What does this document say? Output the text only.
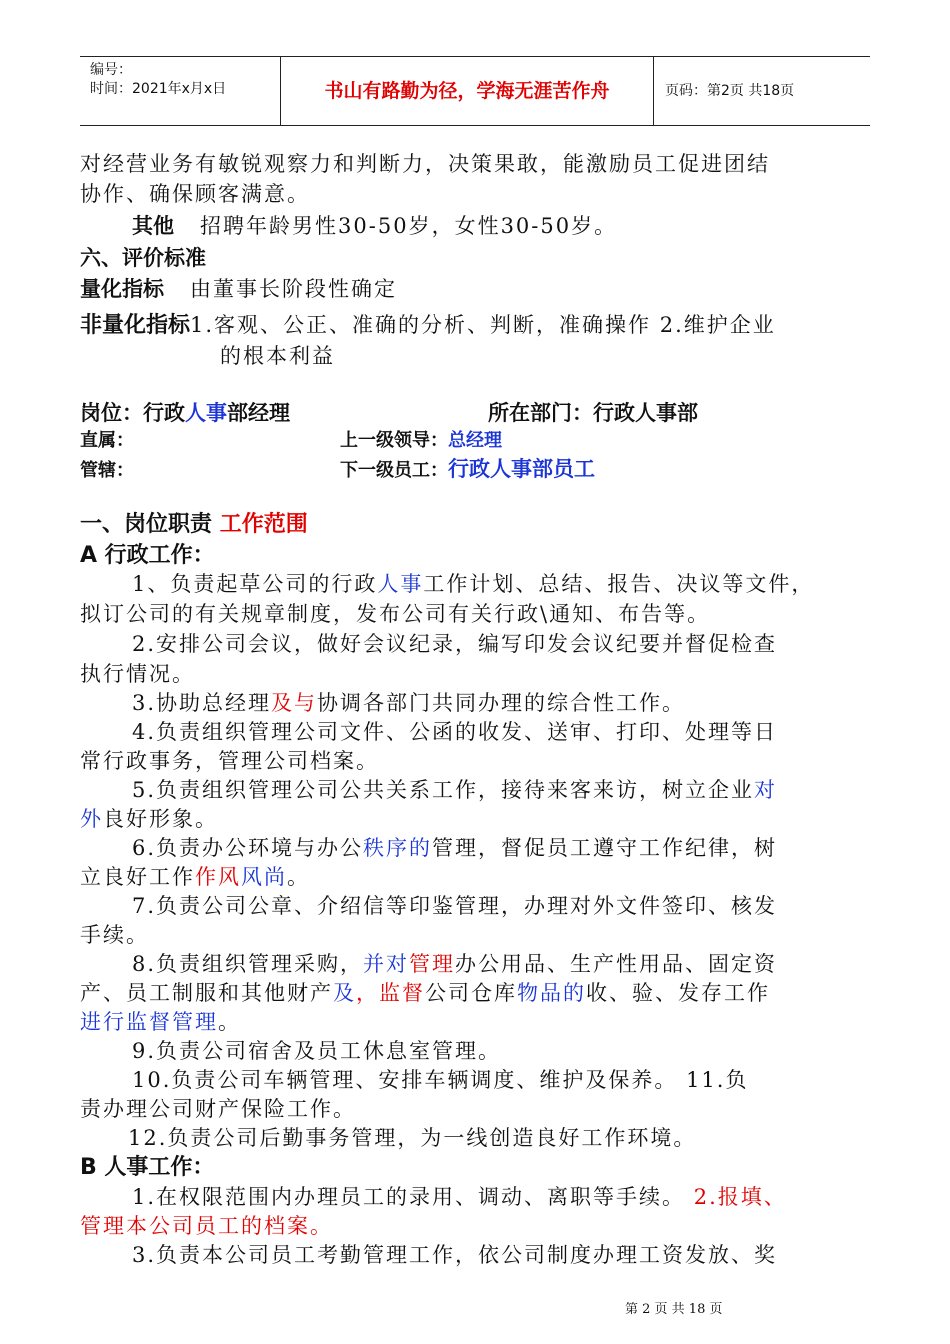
编号：
时间：2021年x月x日	书山有路勤为径，学海无涯苦作舟	页码：第2页 共18页
对经营业务有敏锐观察力和判断力，决策果敢，能激励员工促进团结
协作、确保顾客满意。
其他 招聘年龄男性30-50岁，女性30-50岁。
六、评价标准
量化指标 由董事长阶段性确定
非量化指标1.客观、公正、准确的分析、判断，准确操作 2.维护企业
的根本利益
岗位：行政人事部经理	所在部门：行政人事部
直属：	上一级领导：总经理
管辖：	下一级员工：行政人事部员工
一、岗位职责 工作范围
A 行政工作：
1、负责起草公司的行政人事工作计划、总结、报告、决议等文件，
拟订公司的有关规章制度，发布公司有关行政\通知、布告等。
2.安排公司会议，做好会议纪录，编写印发会议纪要并督促检查
执行情况。
3.协助总经理及与协调各部门共同办理的综合性工作。
4.负责组织管理公司文件、公函的收发、送审、打印、处理等日
常行政事务，管理公司档案。
5.负责组织管理公司公共关系工作，接待来客来访，树立企业对
外良好形象。
6.负责办公环境与办公秩序的管理，督促员工遵守工作纪律，树
立良好工作作风风尚。
7.负责公司公章、介绍信等印鉴管理，办理对外文件签印、核发
手续。
8.负责组织管理采购，并对管理办公用品、生产性用品、固定资
产、员工制服和其他财产及，监督公司仓库物品的收、验、发存工作
进行监督管理。
9.负责公司宿舍及员工休息室管理。
10.负责公司车辆管理、安排车辆调度、维护及保养。 11.负
责办理公司财产保险工作。
12.负责公司后勤事务管理，为一线创造良好工作环境。
B 人事工作：
1.在权限范围内办理员工的录用、调动、离职等手续。 2.报填、
管理本公司员工的档案。
3.负责本公司员工考勤管理工作，依公司制度办理工资发放、奖
第 2 页 共 18 页
